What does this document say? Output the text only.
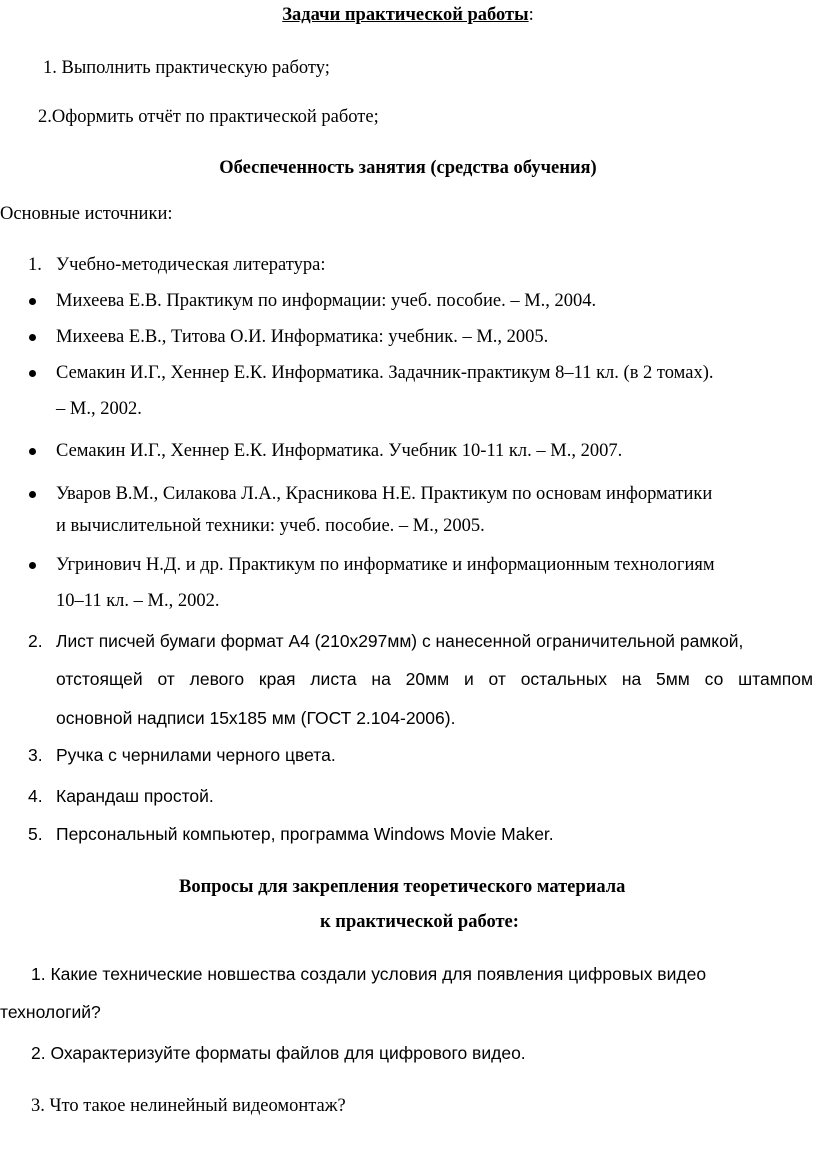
Задачи практической работы:
1. Выполнить практическую работу;
2.Оформить отчёт по практической работе;
Обеспеченность занятия (средства обучения)
Основные источники:
1. Учебно-методическая литература:
Михеева Е.В. Практикум по информации: учеб. пособие. – М., 2004.
Михеева Е.В., Титова О.И. Информатика: учебник. – М., 2005.
Семакин И.Г., Хеннер Е.К. Информатика. Задачник-практикум 8–11 кл. (в 2 томах).
– М., 2002.
Семакин И.Г., Хеннер Е.К. Информатика. Учебник 10-11 кл. – М., 2007.
Уваров В.М., Силакова Л.А., Красникова Н.Е. Практикум по основам информатики
и вычислительной техники: учеб. пособие. – М., 2005.
Угринович Н.Д. и др. Практикум по информатике и информационным технологиям
10–11 кл. – М., 2002.
2. Лист писчей бумаги формат А4 (210х297мм) с нанесенной ограничительной рамкой,
отстоящей от левого края листа на 20мм и от остальных на 5мм со штампом
основной надписи 15х185 мм (ГОСТ 2.104-2006).
3. Ручка с чернилами черного цвета.
4. Карандаш простой.
5. Персональный компьютер, программа Windows Movie Maker.
Вопросы для закрепления теоретического материала
к практической работе:
1. Какие технические новшества создали условия для появления цифровых видео
технологий?
2. Охарактеризуйте форматы файлов для цифрового видео.
3. Что такое нелинейный видеомонтаж?
